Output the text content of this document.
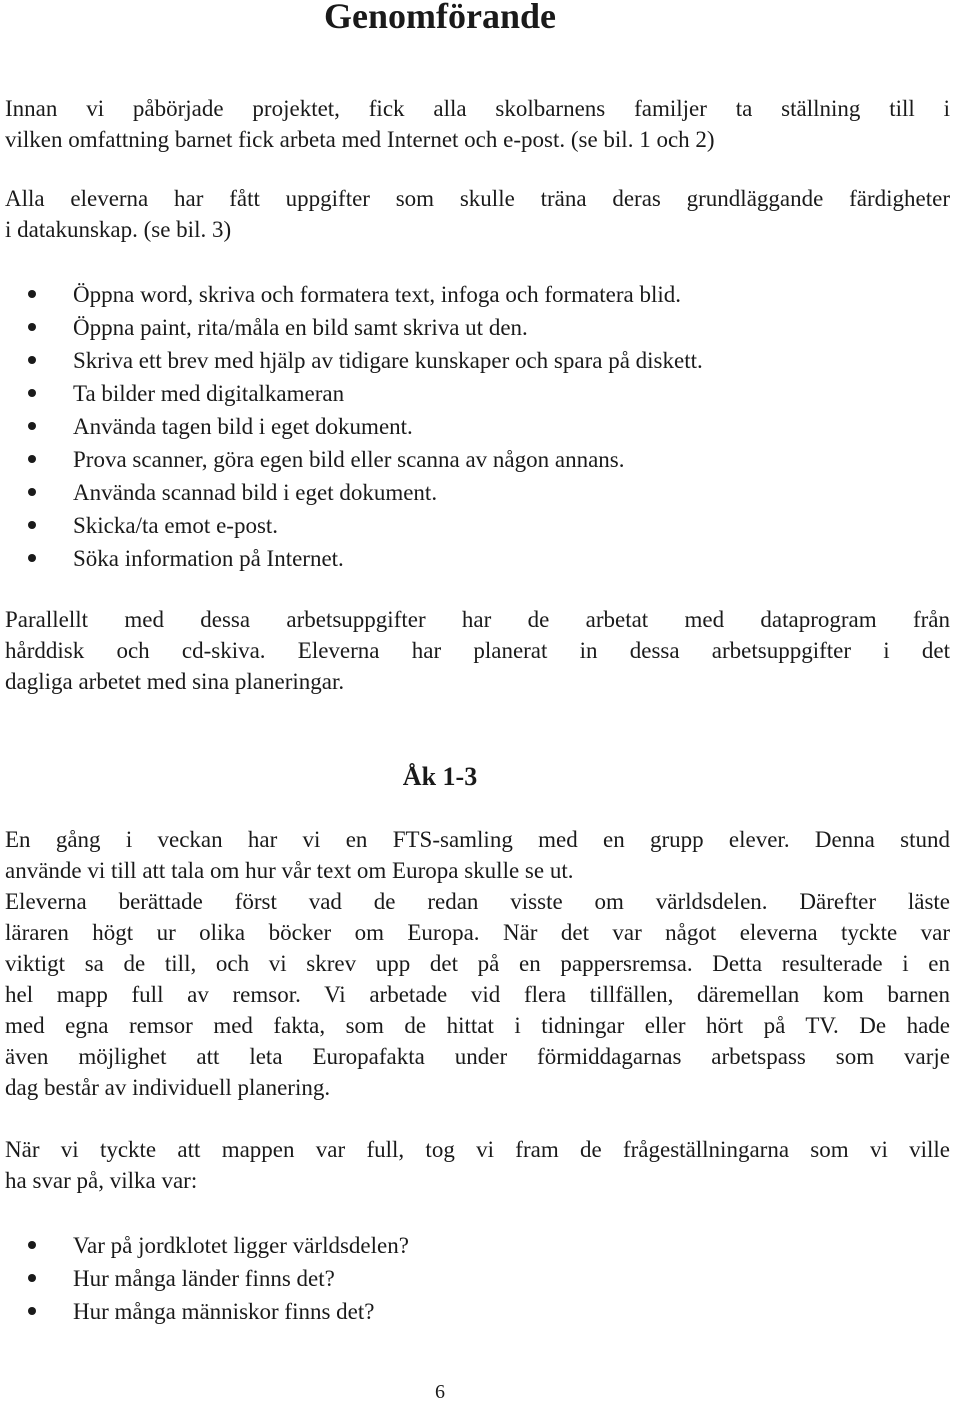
Genomförande

Innan vi påbörjade projektet, fick alla skolbarnens familjer ta ställning till i
vilken omfattning barnet fick arbeta med Internet och e-post. (se bil. 1 och 2)

Alla eleverna har fått uppgifter som skulle träna deras grundläggande färdigheter
i datakunskap. (se bil. 3)

Öppna word, skriva och formatera text, infoga och formatera blid.
Öppna paint, rita/måla en bild samt skriva ut den.
Skriva ett brev med hjälp av tidigare kunskaper och spara på diskett.
Ta bilder med digitalkameran
Använda tagen bild i eget dokument.
Prova scanner, göra egen bild eller scanna av någon annans.
Använda scannad bild i eget dokument.
Skicka/ta emot e-post.
Söka information på Internet.

Parallellt med dessa arbetsuppgifter har de arbetat med dataprogram från
hårddisk och cd-skiva. Eleverna har planerat in dessa arbetsuppgifter i det
dagliga arbetet med sina planeringar.

Åk 1-3

En gång i veckan har vi en FTS-samling med en grupp elever. Denna stund
använde vi till att tala om hur vår text om Europa skulle se ut.
Eleverna berättade först vad de redan visste om världsdelen. Därefter läste
läraren högt ur olika böcker om Europa. När det var något eleverna tyckte var
viktigt sa de till, och vi skrev upp det på en pappersremsa. Detta resulterade i en
hel mapp full av remsor. Vi arbetade vid flera tillfällen, däremellan kom barnen
med egna remsor med fakta, som de hittat i tidningar eller hört på TV. De hade
även möjlighet att leta Europafakta under förmiddagarnas arbetspass som varje
dag består av individuell planering.

När vi tyckte att mappen var full, tog vi fram de frågeställningarna som vi ville
ha svar på, vilka var:

Var på jordklotet ligger världsdelen?
Hur många länder finns det?
Hur många människor finns det?
6
